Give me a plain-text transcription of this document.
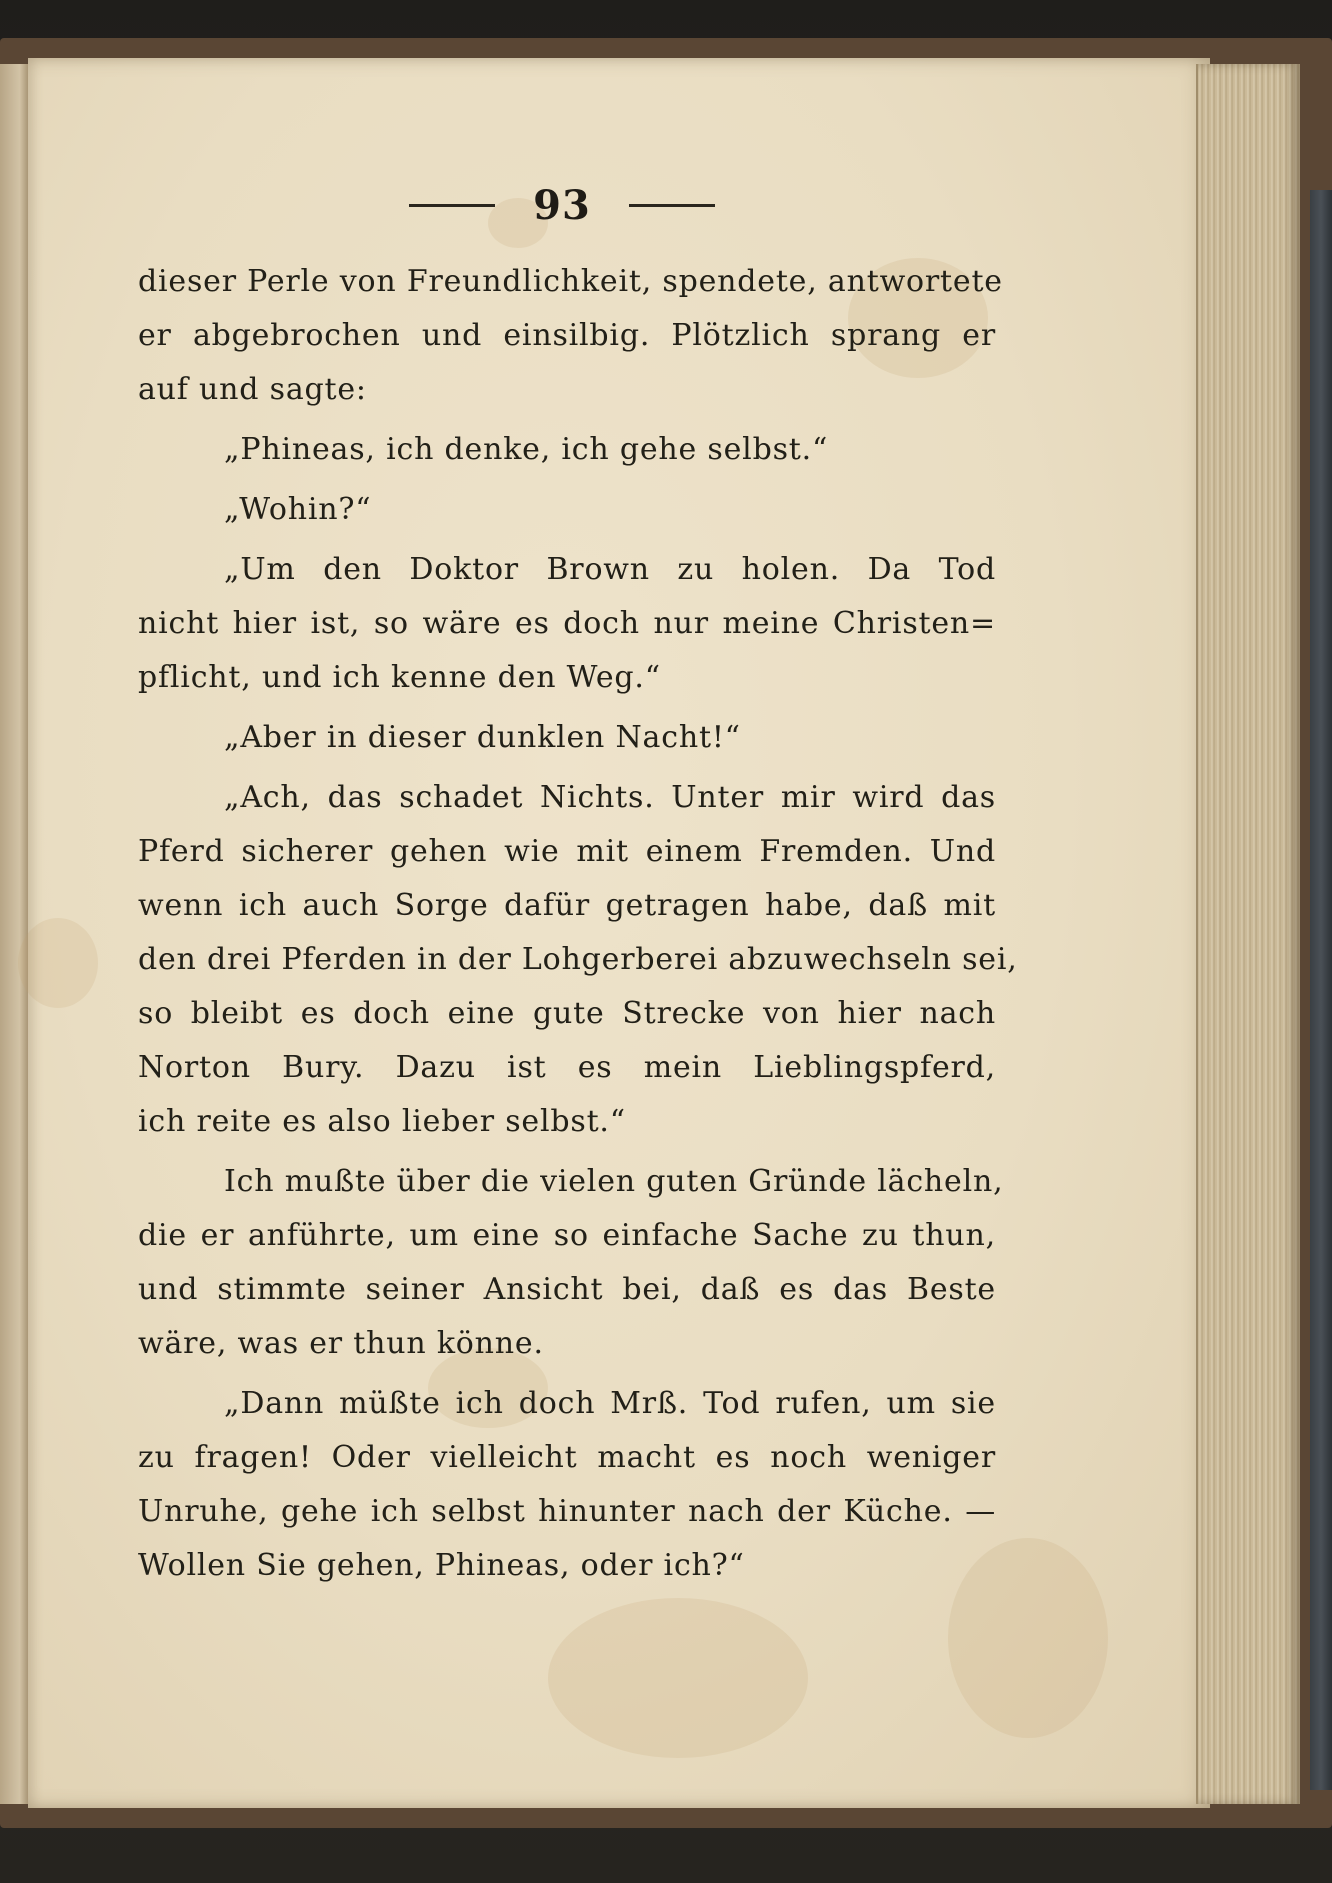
93
dieser Perle von Freundlichkeit, spendete, antwortete
er abgebrochen und einsilbig. Plötzlich sprang er
auf und sagte:
„Phineas, ich denke, ich gehe selbst.“
„Wohin?“
„Um den Doktor Brown zu holen. Da Tod
nicht hier ist, so wäre es doch nur meine Christen=
pflicht, und ich kenne den Weg.“
„Aber in dieser dunklen Nacht!“
„Ach, das schadet Nichts. Unter mir wird das
Pferd sicherer gehen wie mit einem Fremden. Und
wenn ich auch Sorge dafür getragen habe, daß mit
den drei Pferden in der Lohgerberei abzuwechseln sei,
so bleibt es doch eine gute Strecke von hier nach
Norton Bury. Dazu ist es mein Lieblingspferd,
ich reite es also lieber selbst.“
Ich mußte über die vielen guten Gründe lächeln,
die er anführte, um eine so einfache Sache zu thun,
und stimmte seiner Ansicht bei, daß es das Beste
wäre, was er thun könne.
„Dann müßte ich doch Mrß. Tod rufen, um sie
zu fragen! Oder vielleicht macht es noch weniger
Unruhe, gehe ich selbst hinunter nach der Küche. —
Wollen Sie gehen, Phineas, oder ich?“
